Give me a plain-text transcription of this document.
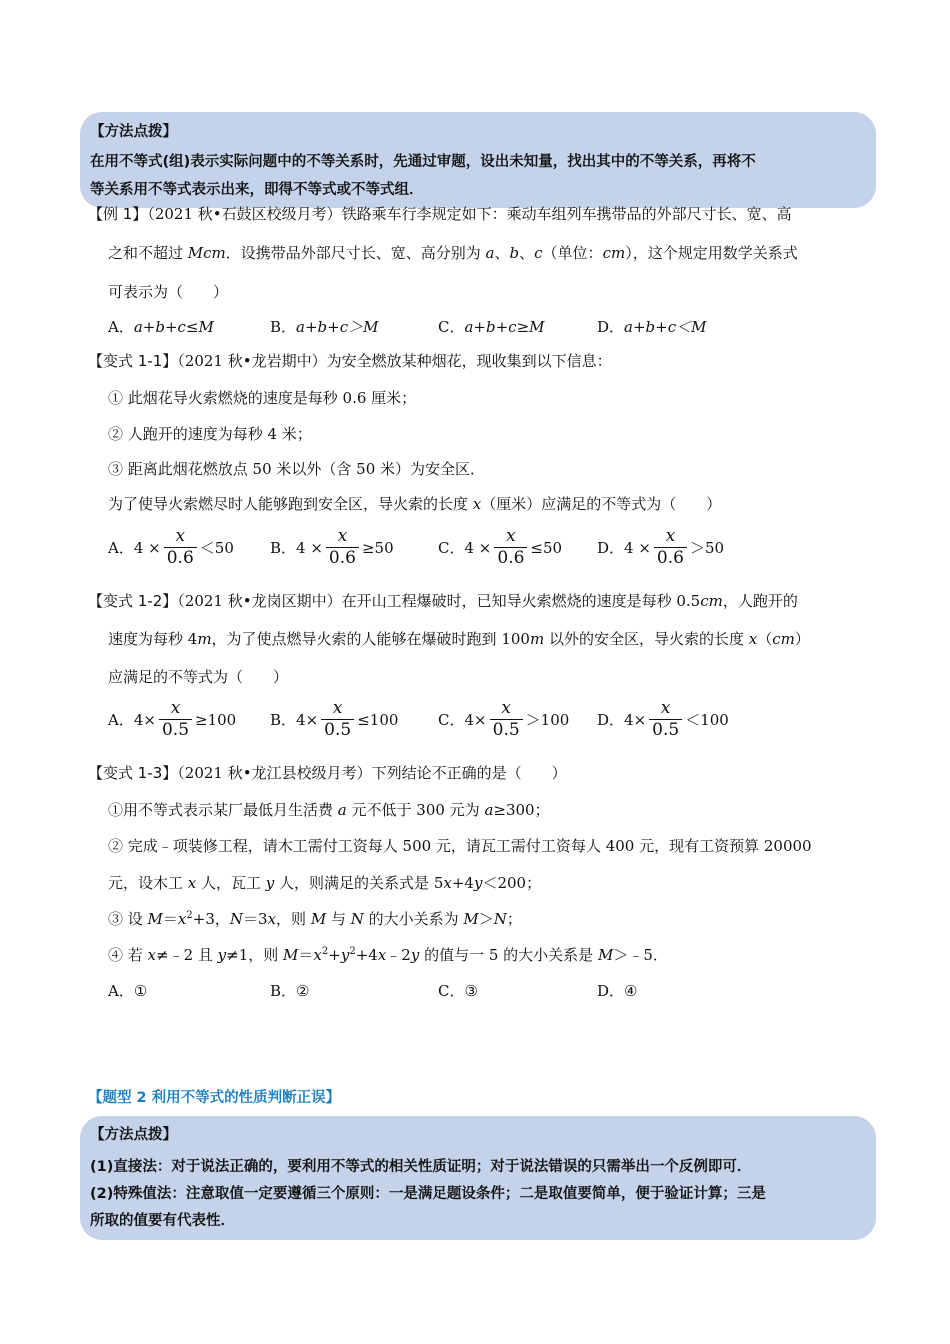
【方法点拨】
在用不等式(组)表示实际问题中的不等关系时，先通过审题，设出未知量，找出其中的不等关系，再将不
等关系用不等式表示出来，即得不等式或不等式组．
【例 1】（2021 秋•石鼓区校级月考）铁路乘车行李规定如下：乘动车组列车携带品的外部尺寸长、宽、高
之和不超过 Mcm．设携带品外部尺寸长、宽、高分别为 a、b、c（单位：cm），这个规定用数学关系式
可表示为（　　）
A． a+b+c≤M	B． a+b+c＞M	C． a+b+c≥M	D． a+b+c＜M
【变式 1-1】（2021 秋•龙岩期中）为安全燃放某种烟花，现收集到以下信息：
① 此烟花导火索燃烧的速度是每秒 0.6 厘米；
② 人跑开的速度为每秒 4 米；
③ 距离此烟花燃放点 50 米以外（含 50 米）为安全区．
为了使导火索燃尽时人能够跑到安全区，导火索的长度 x（厘米）应满足的不等式为（　　）
A． $4 \times \frac{x}{0.6} <50$ B． $4 \times \frac{x}{0.6} \ge 50$	C． $4 \times \frac{x}{0.6} \le 50$ D． $4 \times \frac{x}{0.6} >50$
【变式 1-2】（2021 秋•龙岗区期中）在开山工程爆破时，已知导火索燃烧的速度是每秒 0.5cm，人跑开的
速度为每秒 4m，为了使点燃导火索的人能够在爆破时跑到 100m 以外的安全区，导火索的长度 x（cm）
应满足的不等式为（　　）
A． $4\times \frac{x}{0.5} \ge 100$ B． $4\times \frac{x}{0.5} \le 100$	C． $4\times \frac{x}{0.5} >100$ D． $4\times \frac{x}{0.5} <100$
【变式 1-3】（2021 秋•龙江县校级月考）下列结论不正确的是（　　）
①用不等式表示某厂最低月生活费 a 元不低于 300 元为 a≥300；
② 完成﹣项装修工程，请木工需付工资每人 500 元，请瓦工需付工资每人 400 元，现有工资预算 20000
元，设木工 x 人，瓦工 y 人，则满足的关系式是 5x+4y＜200；
③ 设 $M=x^2+3$，N＝3x，则 M 与 N 的大小关系为 M＞N；
④ 若 x≠﹣2 且 y≠1，则 $M=x^2+y^2+4x﹣2y$ 的值与一 5 的大小关系是 M＞﹣5．
A． ①	B． ②	C． ③	D． ④
【题型 2 利用不等式的性质判断正误】
【方法点拨】
(1)直接法：对于说法正确的，要利用不等式的相关性质证明；对于说法错误的只需举出一个反例即可．
(2)特殊值法：注意取值一定要遵循三个原则：一是满足题设条件；二是取值要简单，便于验证计算；三是
所取的值要有代表性．
